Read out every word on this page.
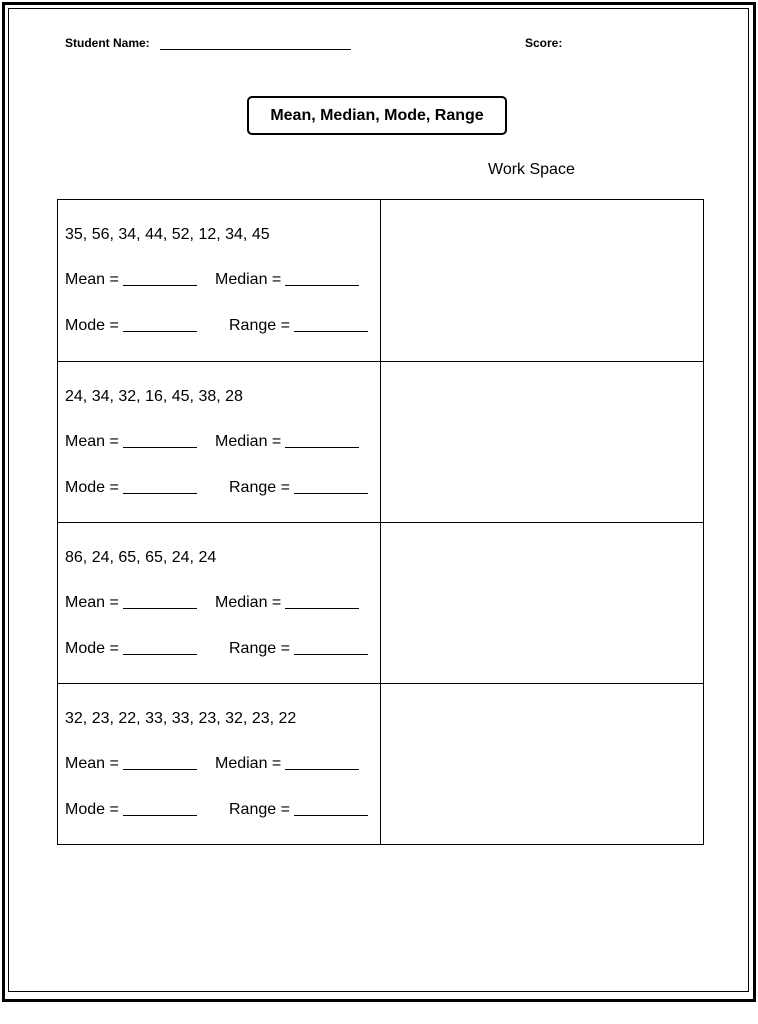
Student Name:	Score:
Mean, Median, Mode, Range
Work Space
35, 56, 34, 44, 52, 12, 34, 45
Mean =	Median =
Mode =	Range =
24, 34, 32, 16, 45, 38, 28
Mean =	Median =
Mode =	Range =
86, 24, 65, 65, 24, 24
Mean =	Median =
Mode =	Range =
32, 23, 22, 33, 33, 23, 32, 23, 22
Mean =	Median =
Mode =	Range =
